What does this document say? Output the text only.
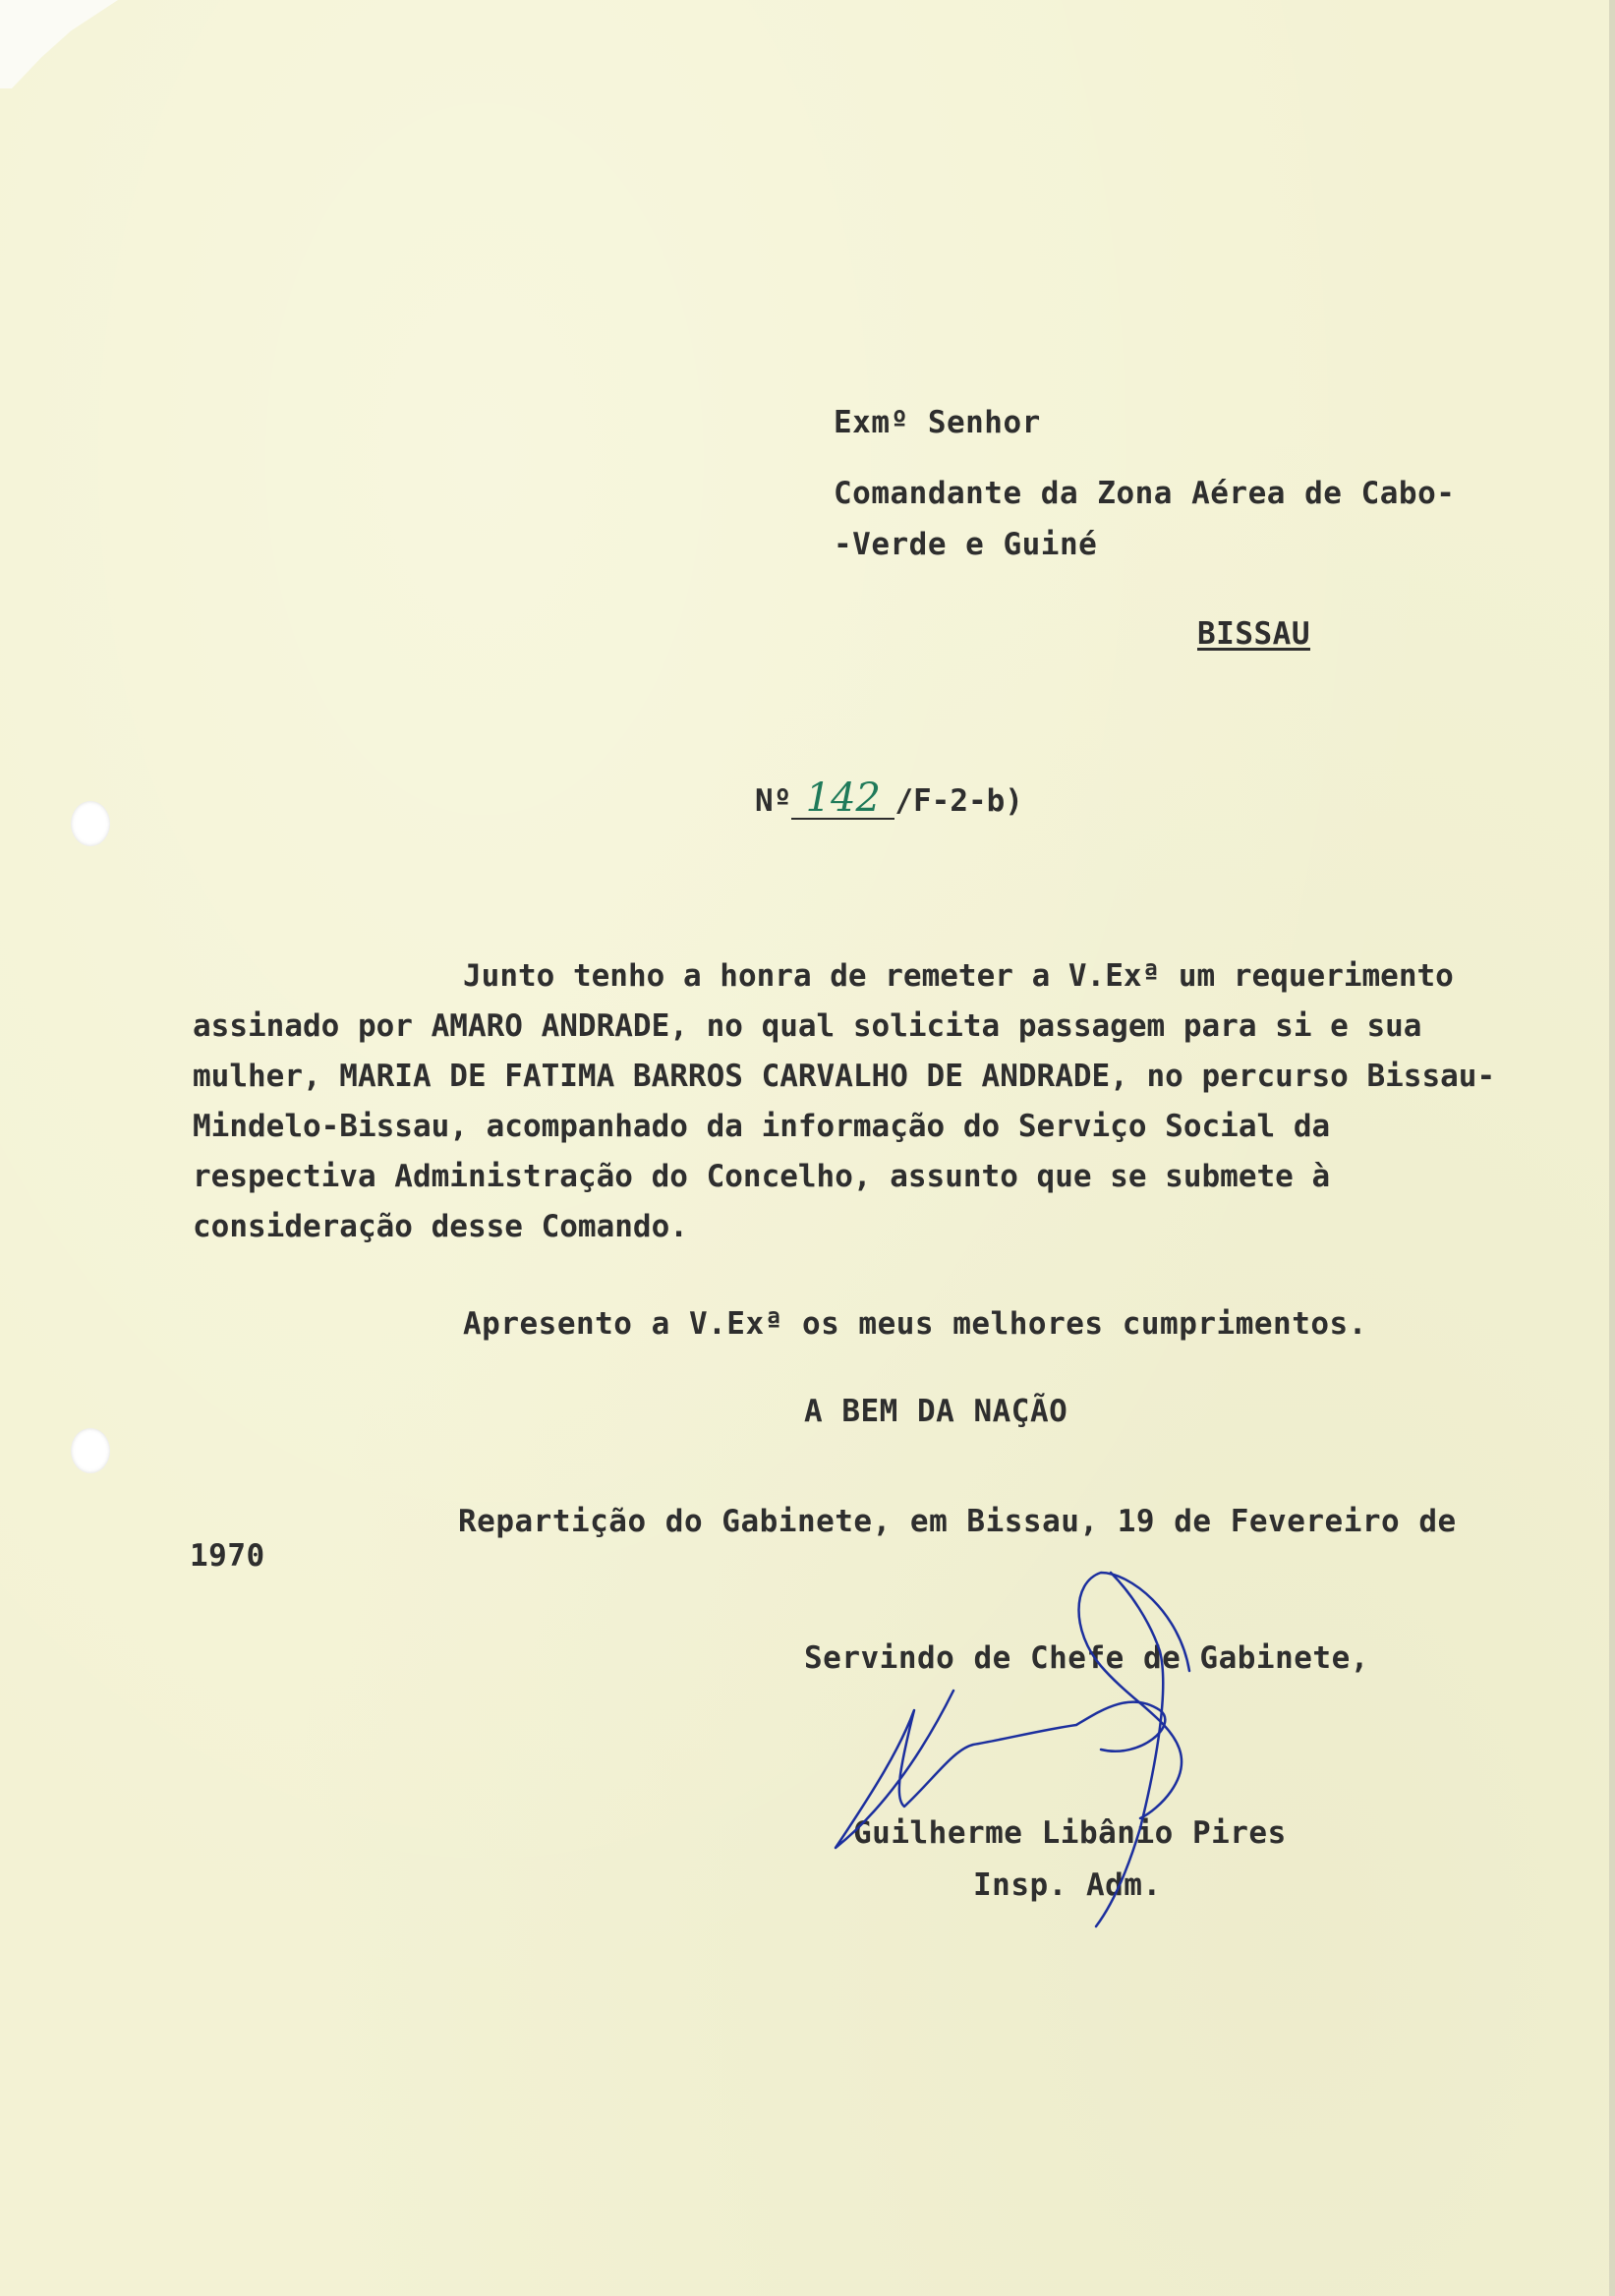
Exmº Senhor
Comandante da Zona Aérea de Cabo-
-Verde e Guiné
BISSAU
Nº 142 /F-2-b)
Junto tenho a honra de remeter a V.Exª um requerimento assinado por AMARO ANDRADE, no qual solicita passagem para si e sua mulher, MARIA DE FATIMA BARROS CARVALHO DE ANDRADE, no percurso Bissau-Mindelo-Bissau, acompanhado da informação do Serviço Social da respectiva Administração do Concelho, assunto que se submete à consideração desse Comando.
Apresento a V.Exª os meus melhores cumprimentos.
A BEM DA NAÇÃO
Repartição do Gabinete, em Bissau, 19 de Fevereiro de
1970
Servindo de Chefe de Gabinete,
Guilherme Libânio Pires
Insp. Adm.
